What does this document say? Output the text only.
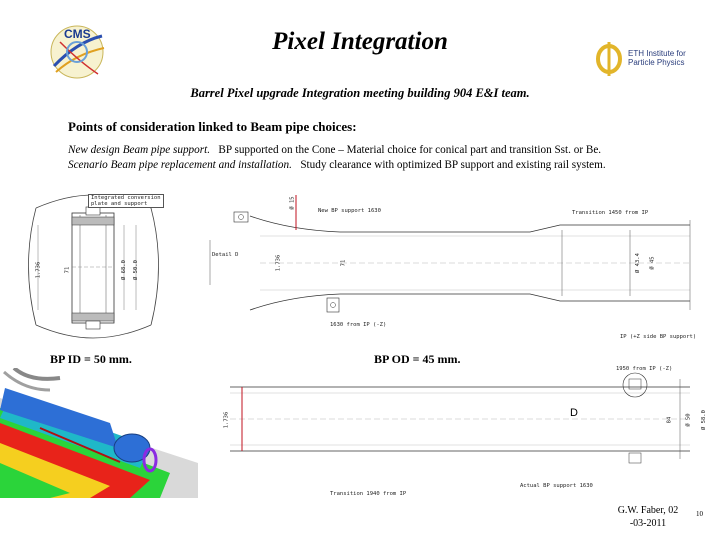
CMS	Pixel Integration	ETH Institute for
Particle Physics
Barrel Pixel upgrade Integration meeting building 904 E&I team.
Points of consideration linked to Beam pipe choices:
New design Beam pipe support. BP supported on the Cone – Material choice for conical part and transition Sst. or Be.
Scenario Beam pipe replacement and installation. Study clearance with optimized BP support and existing rail system.
Integrated conversion
plate and support
1.736	71	Ø 68.0 Ø 50.0
BP ID = 50 mm.
New BP support 1630	Transition 1450 from IP
Detail D	1.736	71	Ø 43.4 Ø 45
Ø 15
1630 from IP (-Z)
IP (+Z side BP support)
BP OD = 45 mm.
1950 from IP (-Z)
D
1.736	84 Ø 50 Ø 58.0
Transition 1940 from IP
Actual BP support 1630
G.W. Faber, 02
-03-2011
10
